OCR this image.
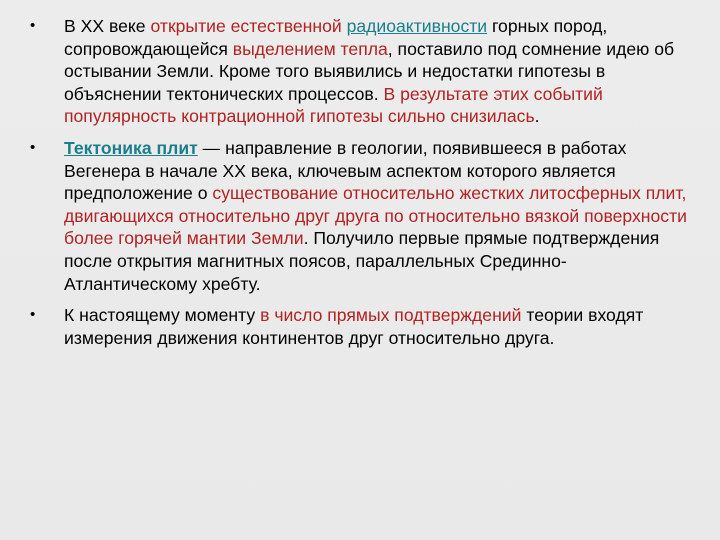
• В XX веке открытие естественной радиоактивности горных пород, сопровождающейся выделением тепла, поставило под сомнение идею об остывании Земли. Кроме того выявились и недостатки гипотезы в объяснении тектонических процессов. В результате этих событий популярность контрационной гипотезы сильно снизилась.
• Тектоника плит — направление в геологии, появившееся в работах Вегенера в начале XX века, ключевым аспектом которого является предположение о существование относительно жестких литосферных плит, двигающихся относительно друг друга по относительно вязкой поверхности более горячей мантии Земли. Получило первые прямые подтверждения после открытия магнитных поясов, параллельных Срединно-Атлантическому хребту.
• К настоящему моменту в число прямых подтверждений теории входят измерения движения континентов друг относительно друга.
